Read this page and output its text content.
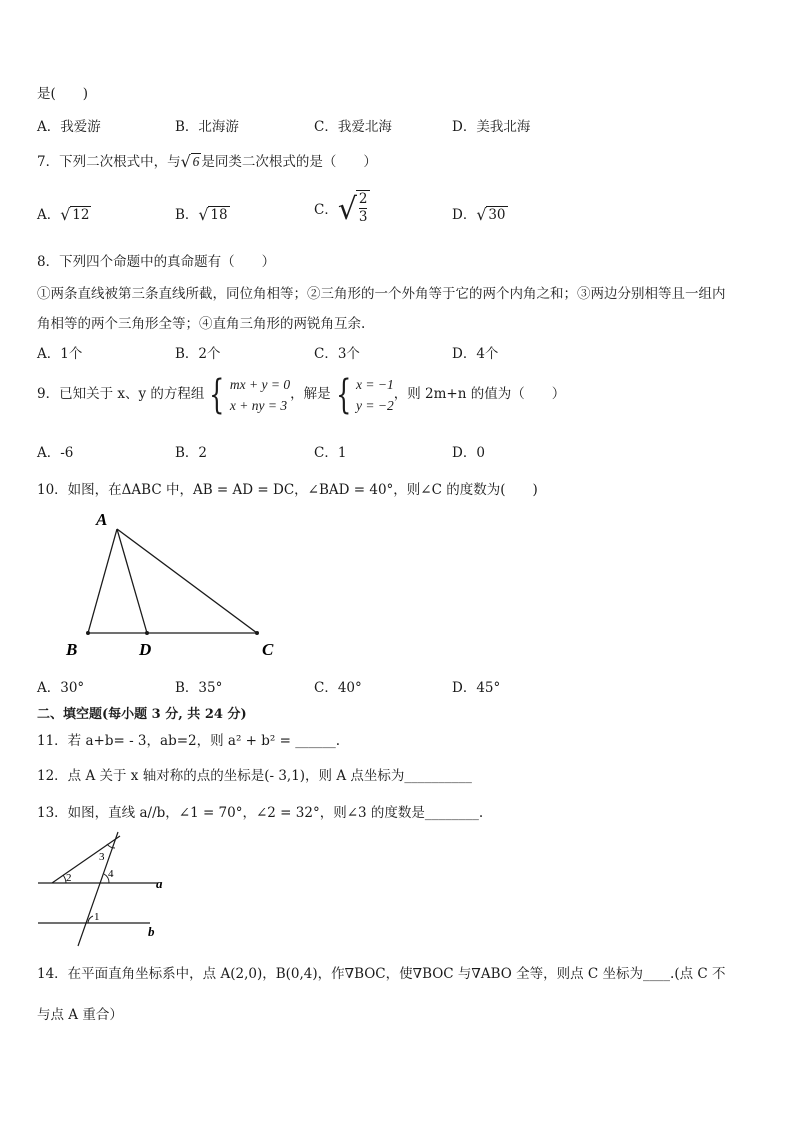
是(　　)
A．我爱游	B．北海游	C．我爱北海	D．美我北海
7．下列二次根式中，与 √ 6 是同类二次根式的是（　　）
A． √ 12	B． √ 18	C． √
$\frac{2}{3}$	D． √ 30
8．下列四个命题中的真命题有（　　）
①两条直线被第三条直线所截，同位角相等；②三角形的一个外角等于它的两个内角之和；③两边分别相等且一组内
角相等的两个三角形全等；④直角三角形的两锐角互余.
A．1个	B．2个	C．3个	D．4个
9．已知关于 x、y 的方程组 { mx + y = 0
x + ny = 3
，解是 { x = −1
y = −2
，则 2m+n 的值为（　　）
A．-6	B．2	C．1	D．0
10．如图，在ΔABC 中，AB = AD = DC，∠BAD = 40°，则∠C 的度数为(　　)
A
B	D	C
A．30°	B．35°	C．40°	D．45°
二、填空题(每小题 3 分, 共 24 分)
11．若 a+b= - 3，ab=2，则 a² + b² = ______.
12．点 A 关于 x 轴对称的点的坐标是(- 3,1)，则 A 点坐标为__________
13．如图，直线 a//b，∠1 = 70°，∠2 = 32°，则∠3 的度数是________.
2
3
4
1
a
b
14．在平面直角坐标系中，点 A(2,0)，B(0,4)，作∇BOC，使∇BOC 与∇ABO 全等，则点 C 坐标为____.(点 C 不
与点 A 重合）
